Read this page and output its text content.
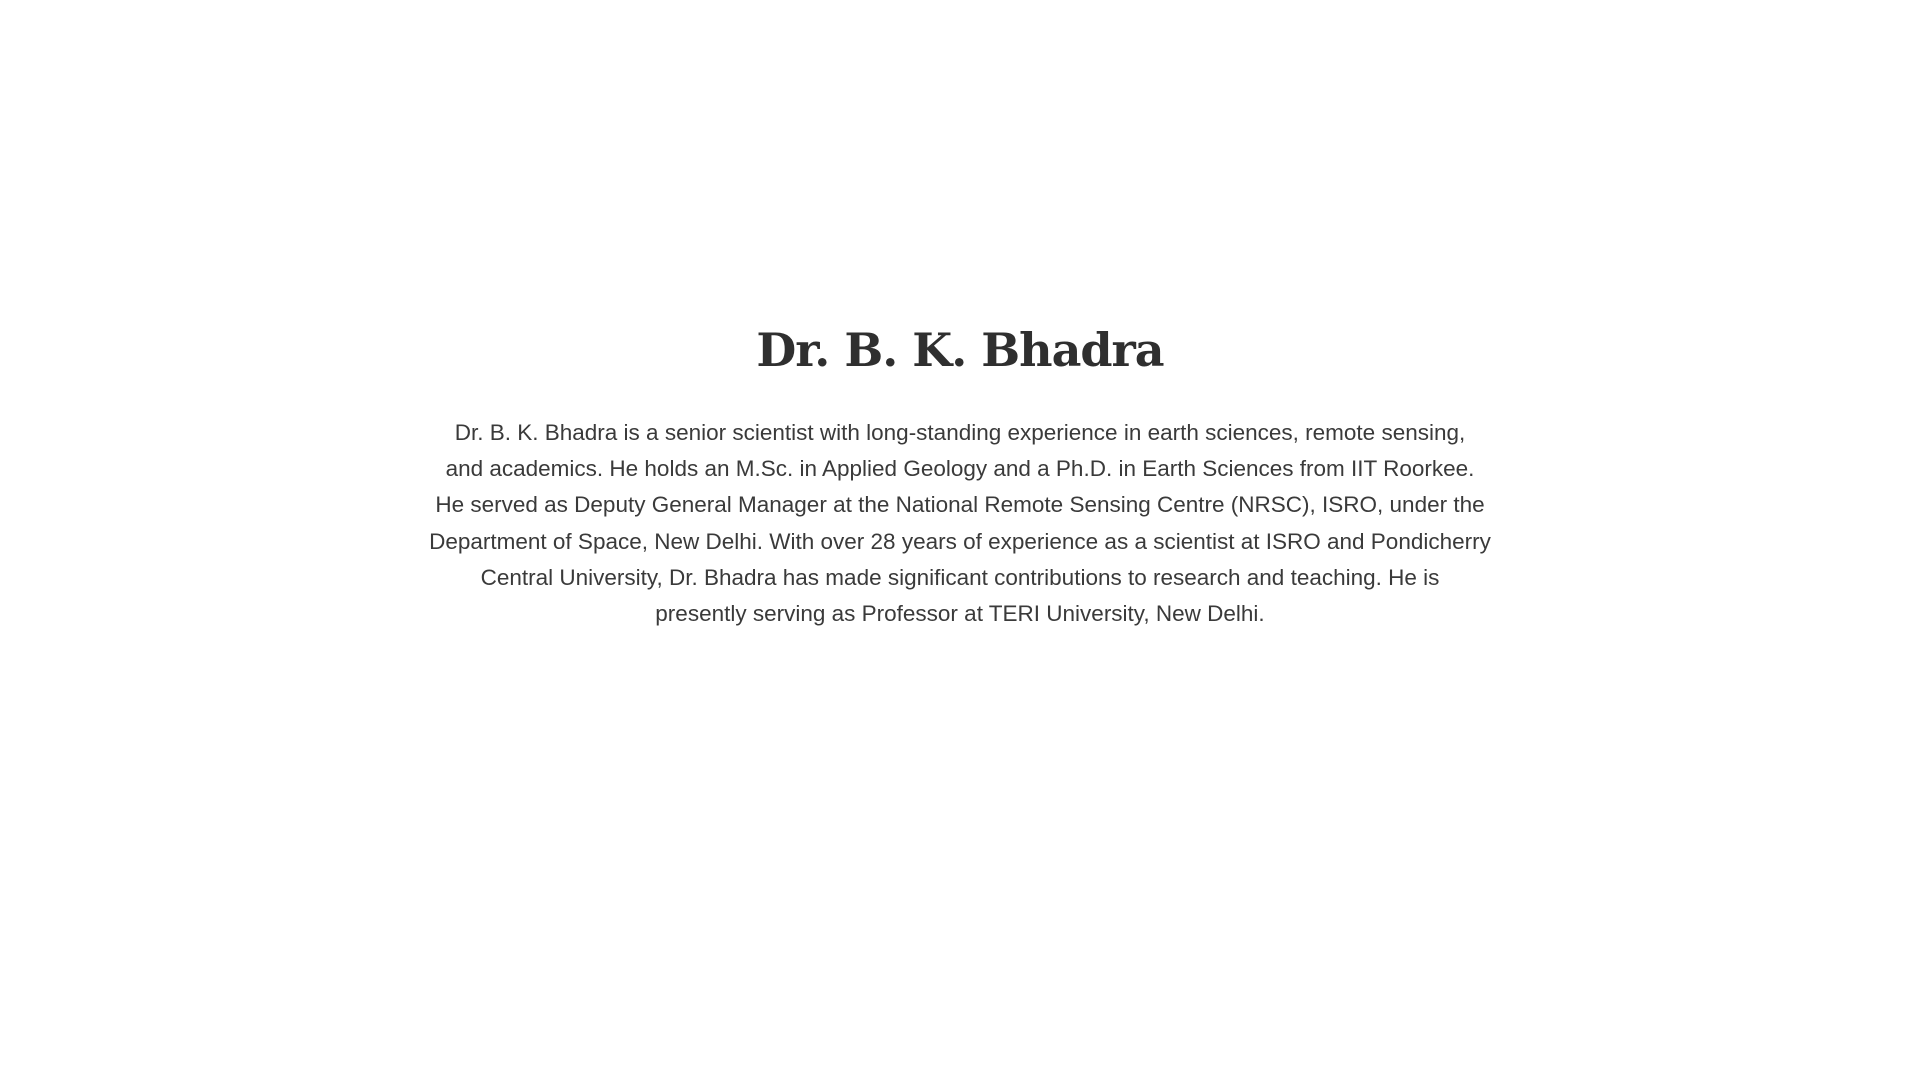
Dr. B. K. Bhadra

Dr. B. K. Bhadra is a senior scientist with long-standing experience in earth sciences, remote sensing,
and academics. He holds an M.Sc. in Applied Geology and a Ph.D. in Earth Sciences from IIT Roorkee.
He served as Deputy General Manager at the National Remote Sensing Centre (NRSC), ISRO, under the
Department of Space, New Delhi. With over 28 years of experience as a scientist at ISRO and Pondicherry
Central University, Dr. Bhadra has made significant contributions to research and teaching. He is
presently serving as Professor at TERI University, New Delhi.
